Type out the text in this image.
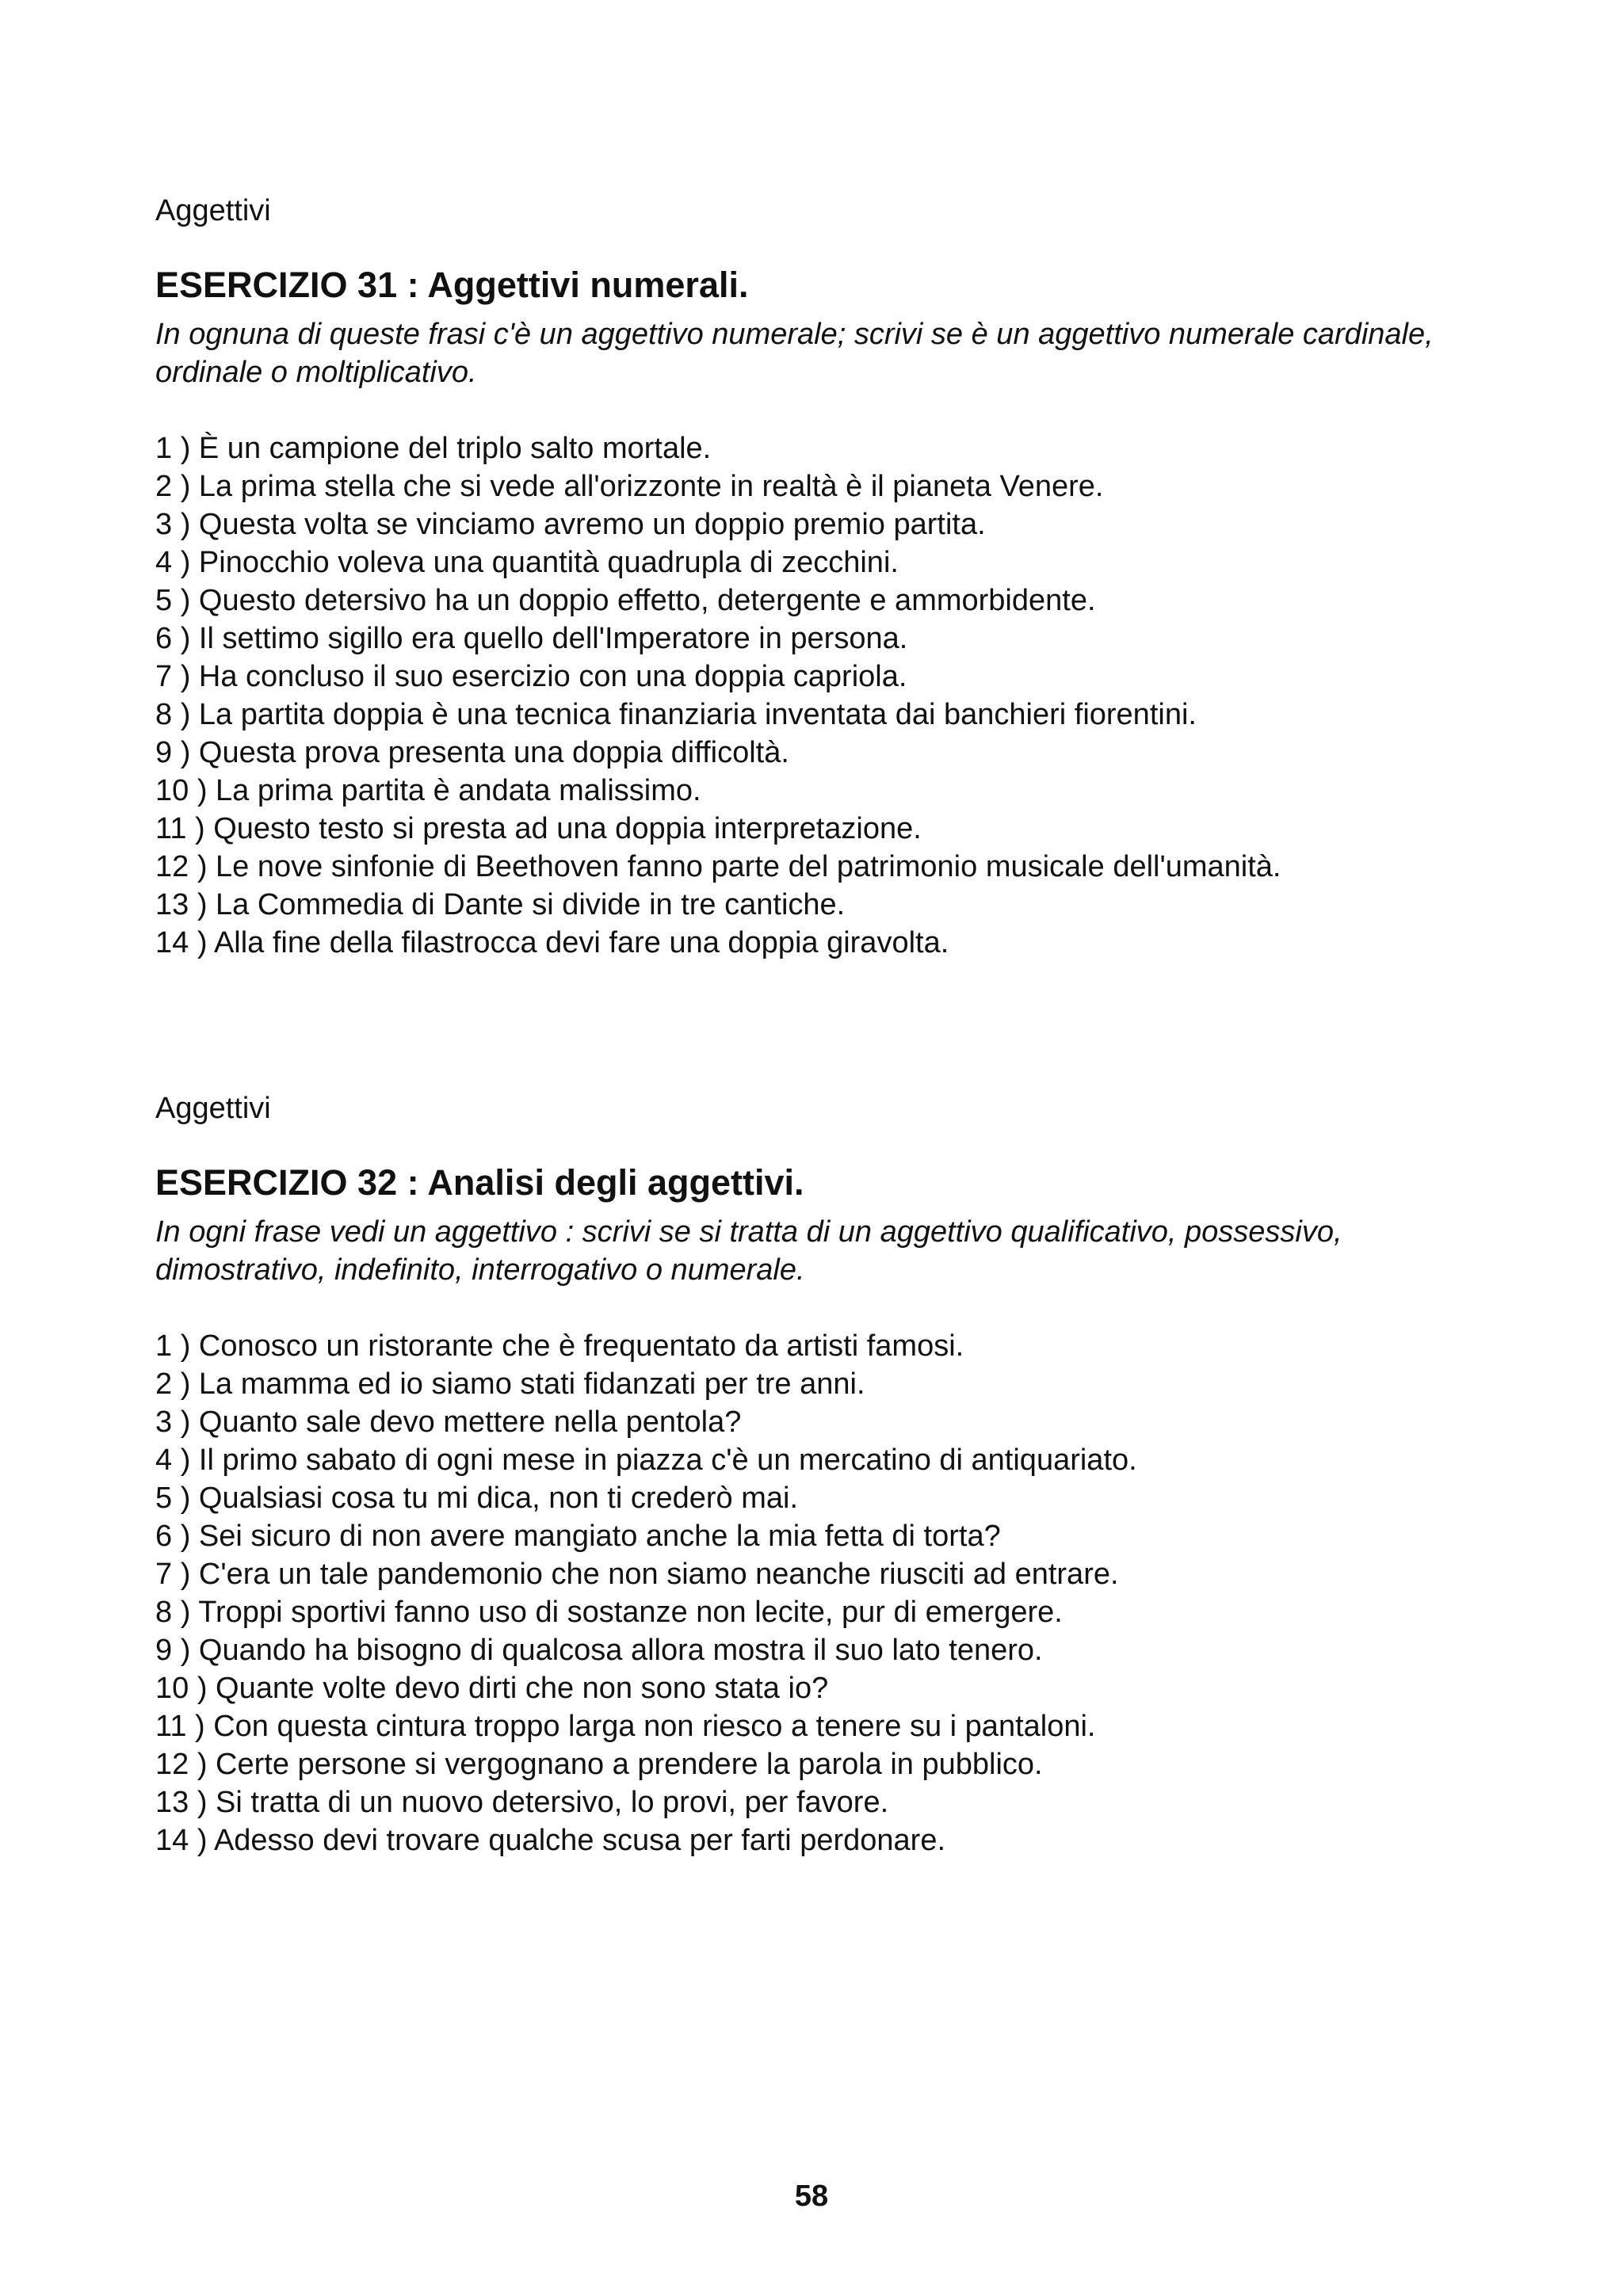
Aggettivi

ESERCIZIO 31 : Aggettivi numerali.

In ognuna di queste frasi c'è un aggettivo numerale; scrivi se è un aggettivo numerale cardinale, ordinale o moltiplicativo.

1 ) È un campione del triplo salto mortale.
2 ) La prima stella che si vede all'orizzonte in realtà è il pianeta Venere.
3 ) Questa volta se vinciamo avremo un doppio premio partita.
4 ) Pinocchio voleva una quantità quadrupla di zecchini.
5 ) Questo detersivo ha un doppio effetto, detergente e ammorbidente.
6 ) Il settimo sigillo era quello dell'Imperatore in persona.
7 ) Ha concluso il suo esercizio con una doppia capriola.
8 ) La partita doppia è una tecnica finanziaria inventata dai banchieri fiorentini.
9 ) Questa prova presenta una doppia difficoltà.
10 ) La prima partita è andata malissimo.
11 ) Questo testo si presta ad una doppia interpretazione.
12 ) Le nove sinfonie di Beethoven fanno parte del patrimonio musicale dell'umanità.
13 ) La Commedia di Dante si divide in tre cantiche.
14 ) Alla fine della filastrocca devi fare una doppia giravolta.

Aggettivi

ESERCIZIO 32 : Analisi degli aggettivi.

In ogni frase vedi un aggettivo : scrivi se si tratta di un aggettivo qualificativo, possessivo, dimostrativo, indefinito, interrogativo o numerale.

1 ) Conosco un ristorante che è frequentato da artisti famosi.
2 ) La mamma ed io siamo stati fidanzati per tre anni.
3 ) Quanto sale devo mettere nella pentola?
4 ) Il primo sabato di ogni mese in piazza c'è un mercatino di antiquariato.
5 ) Qualsiasi cosa tu mi dica, non ti crederò mai.
6 ) Sei sicuro di non avere mangiato anche la mia fetta di torta?
7 ) C'era un tale pandemonio che non siamo neanche riusciti ad entrare.
8 ) Troppi sportivi fanno uso di sostanze non lecite, pur di emergere.
9 ) Quando ha bisogno di qualcosa allora mostra il suo lato tenero.
10 ) Quante volte devo dirti che non sono stata io?
11 ) Con questa cintura troppo larga non riesco a tenere su i pantaloni.
12 ) Certe persone si vergognano a prendere la parola in pubblico.
13 ) Si tratta di un nuovo detersivo, lo provi, per favore.
14 ) Adesso devi trovare qualche scusa per farti perdonare.
58
